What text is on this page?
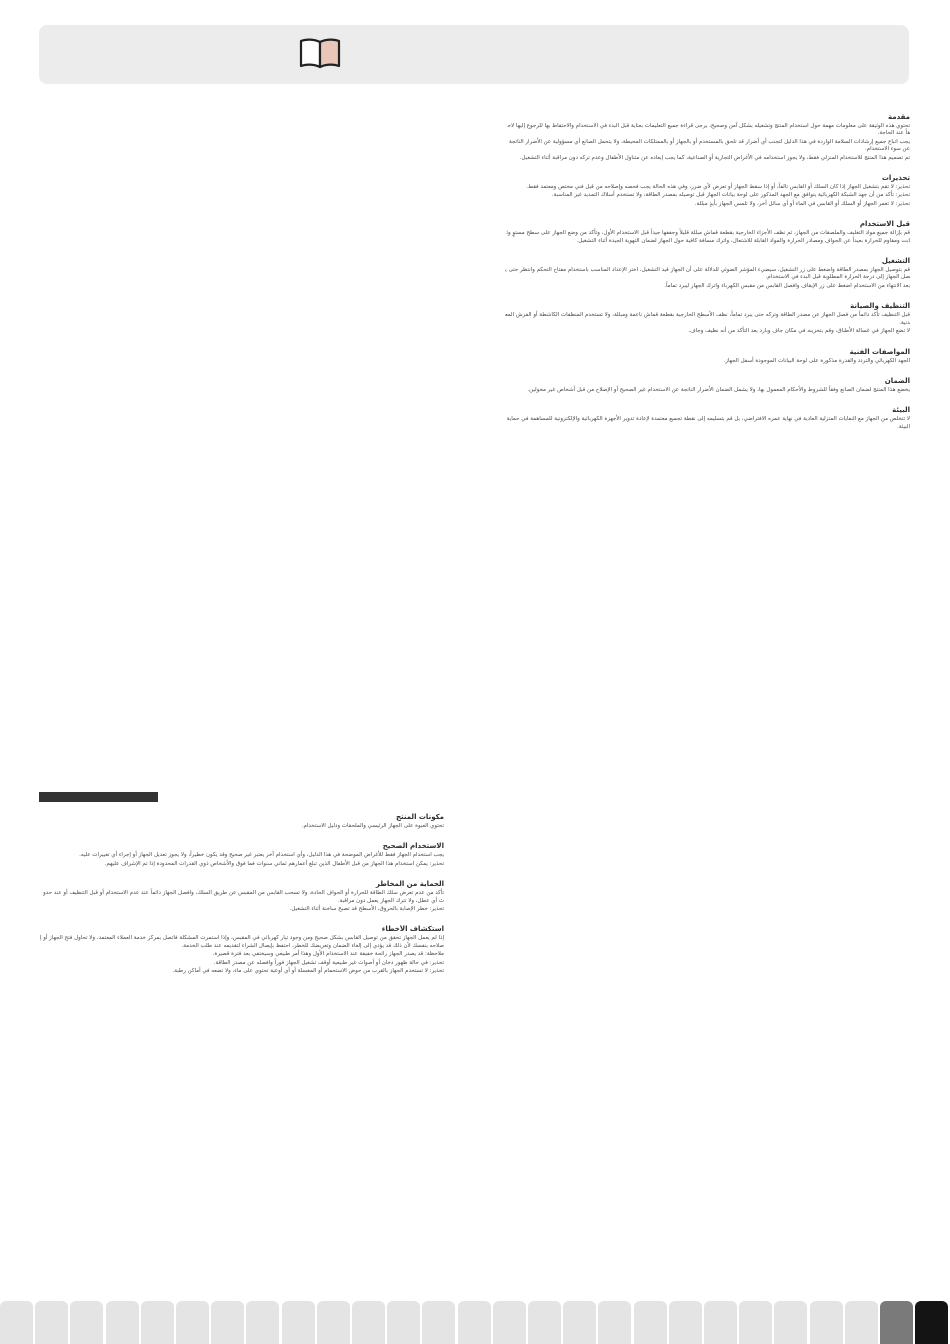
مقدمة

تحتوي هذه الوثيقة على معلومات مهمة حول استخدام المنتج وتشغيله بشكل آمن وصحيح، يرجى قراءة جميع التعليمات بعناية قبل البدء في الاستخدام والاحتفاظ بها للرجوع إليها لاحقاً عند الحاجة.

يجب اتباع جميع إرشادات السلامة الواردة في هذا الدليل لتجنب أي أضرار قد تلحق بالمستخدم أو بالجهاز أو بالممتلكات المحيطة، ولا يتحمل الصانع أي مسؤولية عن الأضرار الناتجة عن سوء الاستخدام.

تم تصميم هذا المنتج للاستخدام المنزلي فقط، ولا يجوز استخدامه في الأغراض التجارية أو الصناعية، كما يجب إبعاده عن متناول الأطفال وعدم تركه دون مراقبة أثناء التشغيل.

تحذيرات

تحذير: لا تقم بتشغيل الجهاز إذا كان السلك أو القابس تالفاً، أو إذا سقط الجهاز أو تعرض لأي ضرر، وفي هذه الحالة يجب فحصه وإصلاحه من قبل فني مختص ومعتمد فقط.

تحذير: تأكد من أن جهد الشبكة الكهربائية يتوافق مع الجهد المذكور على لوحة بيانات الجهاز قبل توصيله بمصدر الطاقة، ولا تستخدم أسلاك التمديد غير المناسبة.

تحذير: لا تغمر الجهاز أو السلك أو القابس في الماء أو أي سائل آخر، ولا تلمس الجهاز بأيدٍ مبللة.

قبل الاستخدام

قم بإزالة جميع مواد التغليف والملصقات من الجهاز، ثم نظف الأجزاء الخارجية بقطعة قماش مبللة قليلاً وجففها جيداً قبل الاستخدام الأول، وتأكد من وضع الجهاز على سطح مستوٍ وثابت ومقاوم للحرارة بعيداً عن الحواف ومصادر الحرارة والمواد القابلة للاشتعال، واترك مسافة كافية حول الجهاز لضمان التهوية الجيدة أثناء التشغيل.

التشغيل

قم بتوصيل الجهاز بمصدر الطاقة واضغط على زر التشغيل، سيضيء المؤشر الضوئي للدلالة على أن الجهاز قيد التشغيل، اختر الإعداد المناسب باستخدام مفتاح التحكم وانتظر حتى يصل الجهاز إلى درجة الحرارة المطلوبة قبل البدء في الاستخدام.

بعد الانتهاء من الاستخدام اضغط على زر الإيقاف وافصل القابس من مقبس الكهرباء واترك الجهاز ليبرد تماماً.

التنظيف والصيانة

قبل التنظيف تأكد دائماً من فصل الجهاز عن مصدر الطاقة وتركه حتى يبرد تماماً، نظف الأسطح الخارجية بقطعة قماش ناعمة ومبللة، ولا تستخدم المنظفات الكاشطة أو الفرش المعدنية.

لا تضع الجهاز في غسالة الأطباق، وقم بتخزينه في مكان جاف وبارد بعد التأكد من أنه نظيف وجاف.

المواصفات الفنية

الجهد الكهربائي والتردد والقدرة مذكورة على لوحة البيانات الموجودة أسفل الجهاز.

الضمان

يخضع هذا المنتج لضمان الصانع وفقاً للشروط والأحكام المعمول بها، ولا يشمل الضمان الأضرار الناتجة عن الاستخدام غير الصحيح أو الإصلاح من قبل أشخاص غير مخولين.

البيئة

لا تتخلص من الجهاز مع النفايات المنزلية العادية في نهاية عمره الافتراضي، بل قم بتسليمه إلى نقطة تجميع معتمدة لإعادة تدوير الأجهزة الكهربائية والإلكترونية للمساهمة في حماية البيئة.

مكونات المنتج

تحتوي العبوة على الجهاز الرئيسي والملحقات ودليل الاستخدام.

الاستخدام الصحيح

يجب استخدام الجهاز فقط للأغراض الموضحة في هذا الدليل، وأي استخدام آخر يعتبر غير صحيح وقد يكون خطيراً، ولا يجوز تعديل الجهاز أو إجراء أي تغييرات عليه.

تحذير: يمكن استخدام هذا الجهاز من قبل الأطفال الذين تبلغ أعمارهم ثماني سنوات فما فوق والأشخاص ذوي القدرات المحدودة إذا تم الإشراف عليهم.

الحماية من المخاطر

تأكد من عدم تعرض سلك الطاقة للحرارة أو الحواف الحادة، ولا تسحب القابس من المقبس عن طريق السلك، وافصل الجهاز دائماً عند عدم الاستخدام أو قبل التنظيف أو عند حدوث أي عطل، ولا تترك الجهاز يعمل دون مراقبة.

تحذير: خطر الإصابة بالحروق، الأسطح قد تصبح ساخنة أثناء التشغيل.

استكشاف الأخطاء

إذا لم يعمل الجهاز تحقق من توصيل القابس بشكل صحيح ومن وجود تيار كهربائي في المقبس، وإذا استمرت المشكلة فاتصل بمركز خدمة العملاء المعتمد، ولا تحاول فتح الجهاز أو إصلاحه بنفسك لأن ذلك قد يؤدي إلى إلغاء الضمان وتعريضك للخطر، احتفظ بإيصال الشراء لتقديمه عند طلب الخدمة.

ملاحظة: قد يصدر الجهاز رائحة خفيفة عند الاستخدام الأول وهذا أمر طبيعي وسيختفي بعد فترة قصيرة.

تحذير: في حالة ظهور دخان أو أصوات غير طبيعية أوقف تشغيل الجهاز فوراً وافصله عن مصدر الطاقة.

تحذير: لا تستخدم الجهاز بالقرب من حوض الاستحمام أو المغسلة أو أي أوعية تحتوي على ماء، ولا تضعه في أماكن رطبة.
